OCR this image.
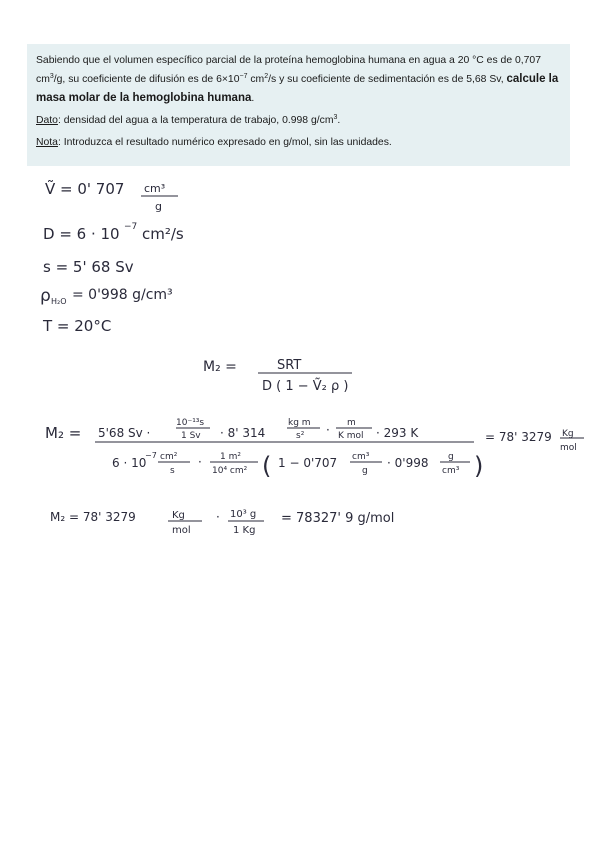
Sabiendo que el volumen específico parcial de la proteína hemoglobina humana en agua a 20 °C es de 0,707 $cm^3/g$, su coeficiente de difusión es de $6\times 10^{-7}$ $cm^2/s$ y su coeficiente de sedimentación es de 5,68 Sv, calcule la masa molar de la hemoglobina humana.

Dato: densidad del agua a la temperatura de trabajo, 0.998 $g/cm^3$.

Nota: Introduzca el resultado numérico expresado en g/mol, sin las unidades.

Ṽ = 0' 707 cm³
g
D = 6 · 10 −7 cm²/s
s = 5' 68 Sv
ρ H₂O = 0'998 g/cm³
T = 20°C
M₂ =	SRT
D ( 1 − Ṽ₂ ρ )
M₂ = 5'68 Sv ·
10⁻¹³s
1 Sv · 8' 314
kg m
s² · m
K mol · 293 K
6 · 10
−7 cm²
s
· 1 m²
10⁴ cm² ( 1 − 0'707 cm³
g
· 0'998 g
cm³ )
= 78' 3279 Kg
mol
M₂ = 78' 3279	Kg
mol
· 10³ g
1 Kg
= 78327' 9 g/mol
